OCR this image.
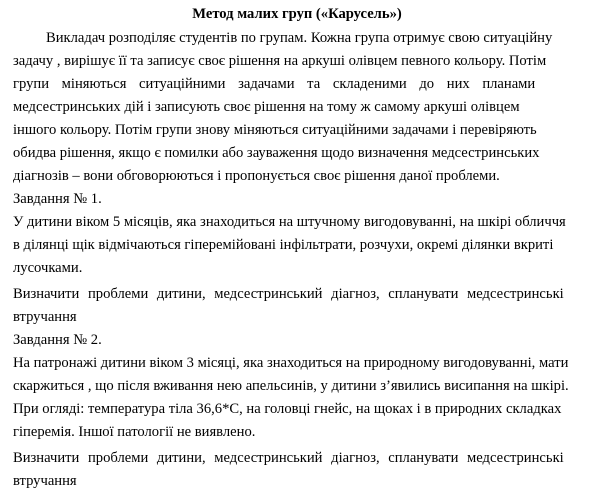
Метод малих груп («Карусель»)

Викладач розподіляє студентів по групам. Кожна група отримує свою ситуаційну
задачу , вирішує її та записує своє рішення на аркуші олівцем певного кольору. Потім
групи міняються ситуаційними задачами та складеними до них планами
медсестринських дій і записують своє рішення на тому ж самому аркуші олівцем
іншого кольору. Потім групи знову міняються ситуаційними задачами і перевіряють
обидва рішення, якщо є помилки або зауваження щодо визначення медсестринських
діагнозів – вони обговорюються і пропонується своє рішення даної проблеми.

Завдання № 1.

У дитини віком 5 місяців, яка знаходиться на штучному вигодовуванні, на шкірі обличчя
в ділянці щік відмічаються гіперемійовані інфільтрати, розчухи, окремі ділянки вкриті
лусочками.

Визначити проблеми дитини, медсестринський діагноз, спланувати медсестринські
втручання

Завдання № 2.

На патронажі дитини віком 3 місяці, яка знаходиться на природному вигодовуванні, мати
скаржиться , що після вживання нею апельсинів, у дитини з’явились висипання на шкірі.
При огляді: температура тіла 36,6*С, на головці гнейс, на щоках і в природних складках
гіперемія. Іншої патології не виявлено.

Визначити проблеми дитини, медсестринський діагноз, спланувати медсестринські
втручання
